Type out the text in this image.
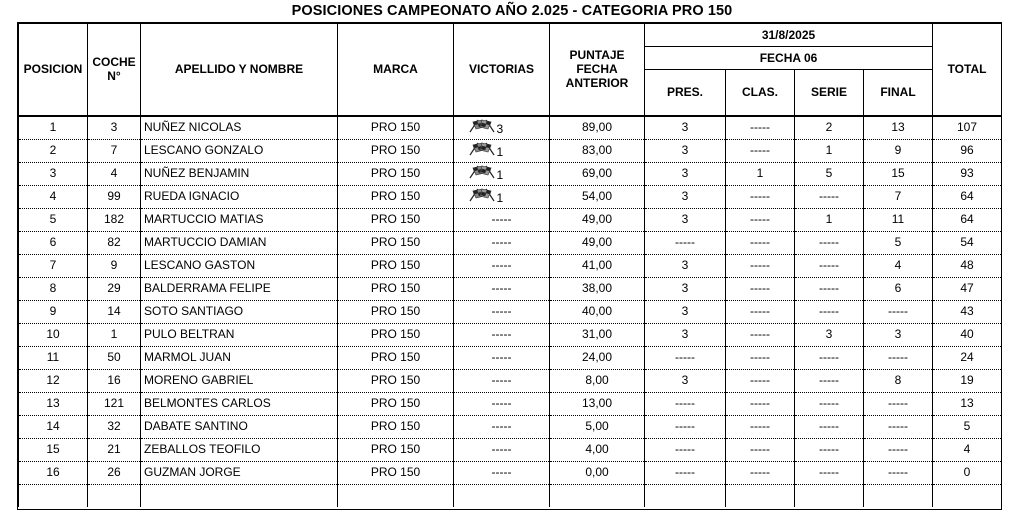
POSICIONES CAMPEONATO AÑO 2.025 - CATEGORIA PRO 150
POSICION	COCHE N°	APELLIDO Y NOMBRE	MARCA	VICTORIAS	PUNTAJE FECHA ANTERIOR	31/8/2025				TOTAL
						FECHA 06				
						PRES.	CLAS.	SERIE	FINAL	

1	3	NUÑEZ NICOLAS	PRO 150	3	89,00	3	-----	2	13	107
2	7	LESCANO GONZALO	PRO 150	1	83,00	3	-----	1	9	96
3	4	NUÑEZ BENJAMIN	PRO 150	1	69,00	3	1	5	15	93
4	99	RUEDA IGNACIO	PRO 150	1	54,00	3	-----	-----	7	64
5	182	MARTUCCIO MATIAS	PRO 150	-----	49,00	3	-----	1	11	64
6	82	MARTUCCIO DAMIAN	PRO 150	-----	49,00	-----	-----	-----	5	54
7	9	LESCANO GASTON	PRO 150	-----	41,00	3	-----	-----	4	48
8	29	BALDERRAMA FELIPE	PRO 150	-----	38,00	3	-----	-----	6	47
9	14	SOTO SANTIAGO	PRO 150	-----	40,00	3	-----	-----	-----	43
10	1	PULO BELTRAN	PRO 150	-----	31,00	3	-----	3	3	40
11	50	MARMOL JUAN	PRO 150	-----	24,00	-----	-----	-----	-----	24
12	16	MORENO GABRIEL	PRO 150	-----	8,00	3	-----	-----	8	19
13	121	BELMONTES CARLOS	PRO 150	-----	13,00	-----	-----	-----	-----	13
14	32	DABATE SANTINO	PRO 150	-----	5,00	-----	-----	-----	-----	5
15	21	ZEBALLOS TEOFILO	PRO 150	-----	4,00	-----	-----	-----	-----	4
16	26	GUZMAN JORGE	PRO 150	-----	0,00	-----	-----	-----	-----	0
